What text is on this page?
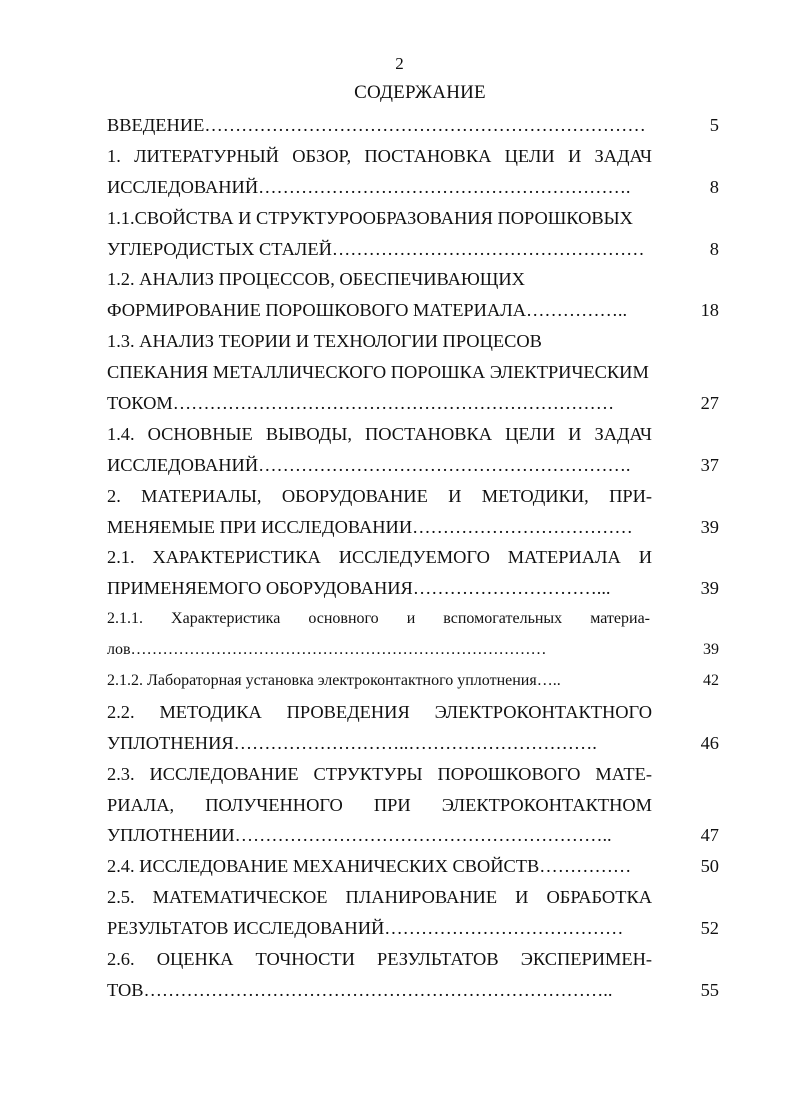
2
СОДЕРЖАНИЕ
ВВЕДЕНИЕ………………………………………………………………	5
1. ЛИТЕРАТУРНЫЙ ОБЗОР, ПОСТАНОВКА ЦЕЛИ И ЗАДАЧ
ИССЛЕДОВАНИЙ…………………………………………………….	8
1.1.СВОЙСТВА И СТРУКТУРООБРАЗОВАНИЯ ПОРОШКОВЫХ
УГЛЕРОДИСТЫХ СТАЛЕЙ……………………………………………	8
1.2. АНАЛИЗ ПРОЦЕССОВ, ОБЕСПЕЧИВАЮЩИХ
ФОРМИРОВАНИЕ ПОРОШКОВОГО МАТЕРИАЛА……………..	18
1.3. АНАЛИЗ ТЕОРИИ И ТЕХНОЛОГИИ ПРОЦЕСОВ
СПЕКАНИЯ МЕТАЛЛИЧЕСКОГО ПОРОШКА ЭЛЕКТРИЧЕСКИМ
ТОКОМ………………………………………………………………	27
1.4. ОСНОВНЫЕ ВЫВОДЫ, ПОСТАНОВКА ЦЕЛИ И ЗАДАЧ
ИССЛЕДОВАНИЙ…………………………………………………….	37
2. МАТЕРИАЛЫ, ОБОРУДОВАНИЕ И МЕТОДИКИ, ПРИ-
МЕНЯЕМЫЕ ПРИ ИССЛЕДОВАНИИ………………………………	39
2.1. ХАРАКТЕРИСТИКА ИССЛЕДУЕМОГО МАТЕРИАЛА И
ПРИМЕНЯЕМОГО ОБОРУДОВАНИЯ…………………………...	39
2.1.1. Характеристика основного и вспомогательных материа-
лов……………………………………………………………………	39
2.1.2. Лабораторная установка электроконтактного уплотнения…..	42
2.2. МЕТОДИКА ПРОВЕДЕНИЯ ЭЛЕКТРОКОНТАКТНОГО
УПЛОТНЕНИЯ………………………..………………………….	46
2.3. ИССЛЕДОВАНИЕ СТРУКТУРЫ ПОРОШКОВОГО МАТЕ-
РИАЛА, ПОЛУЧЕННОГО ПРИ ЭЛЕКТРОКОНТАКТНОМ
УПЛОТНЕНИИ……………………………………………………..	47
2.4. ИССЛЕДОВАНИЕ МЕХАНИЧЕСКИХ СВОЙСТВ……………	50
2.5. МАТЕМАТИЧЕСКОЕ ПЛАНИРОВАНИЕ И ОБРАБОТКА
РЕЗУЛЬТАТОВ ИССЛЕДОВАНИЙ…………………………………	52
2.6. ОЦЕНКА ТОЧНОСТИ РЕЗУЛЬТАТОВ ЭКСПЕРИМЕН-
ТОВ…………………………………………………………………..	55
